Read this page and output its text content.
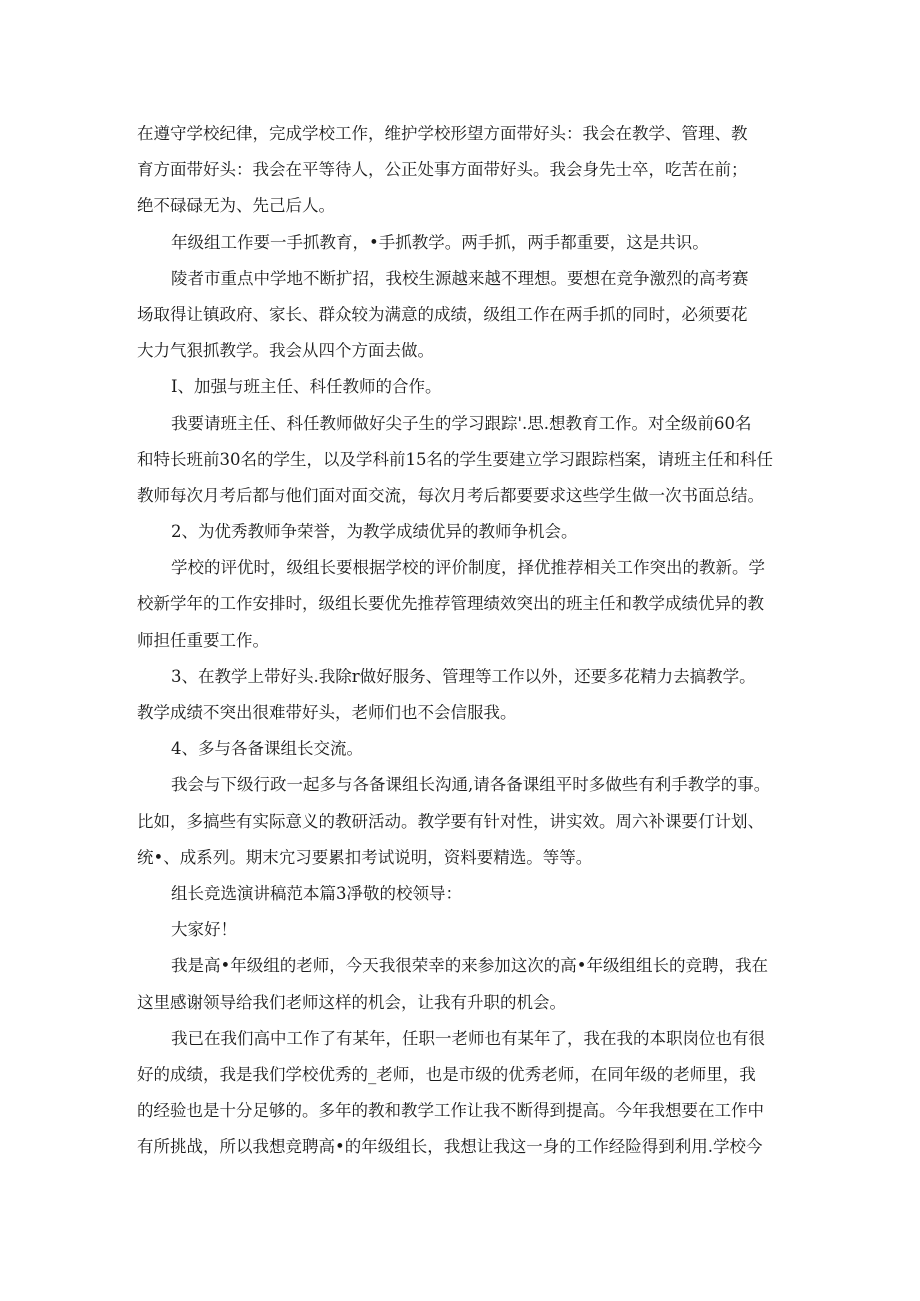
在遵守学校纪律，完成学校工作，维护学校形望方面带好头：我会在教学、管理、教
育方面带好头：我会在平等待人，公正处事方面带好头。我会身先士卒，吃苦在前；
绝不碌碌无为、先己后人。
年级组工作要一手抓教育，•手抓教学。两手抓，两手都重要，这是共识。
陵者市重点中学地不断扩招，我校生源越来越不理想。要想在竞争激烈的高考赛
场取得让镇政府、家长、群众较为满意的成绩，级组工作在两手抓的同时，必须要花
大力气狠抓教学。我会从四个方面去做。
I、加强与班主任、科任教师的合作。
我要请班主任、科任教师做好尖子生的学习跟踪'.思.想教育工作。对全级前60名
和特长班前30名的学生，以及学科前15名的学生要建立学习跟踪档案，请班主任和科任
教师每次月考后都与他们面对面交流，每次月考后都要要求这些学生做一次书面总结。
2、为优秀教师争荣誉，为教学成绩优异的教师争机会。
学校的评优时，级组长要根据学校的评价制度，择优推荐相关工作突出的教新。学
校新学年的工作安排时，级组长要优先推荐管理绩效突出的班主任和教学成绩优异的教
师担任重要工作。
3、在教学上带好头.我除r做好服务、管理等工作以外，还要多花精力去搞教学。
教学成绩不突出很难带好头，老师们也不会信服我。
4、多与各备课组长交流。
我会与下级行政一起多与各备课组长沟通,请各备课组平时多做些有利手教学的事。
比如，多搞些有实际意义的教研活动。教学要有针对性，讲实效。周六补课要仃计划、
统•、成系列。期末宂习要累扣考试说明，资料要精选。等等。
组长竞选演讲稿范本篇3凈敬的校领导：
大家好！
我是高•年级组的老师，今天我很荣幸的来参加这次的高•年级组组长的竞聘，我在
这里感谢领导给我们老师这样的机会，让我有升职的机会。
我已在我们高中工作了有某年，任职一老师也有某年了，我在我的本职岗位也有很
好的成绩，我是我们学校优秀的_老师，也是市级的优秀老师，在同年级的老师里，我
的经验也是十分足够的。多年的教和教学工作让我不断得到提高。今年我想要在工作中
有所挑战，所以我想竞聘高•的年级组长，我想让我这一身的工作经险得到利用.学校今
